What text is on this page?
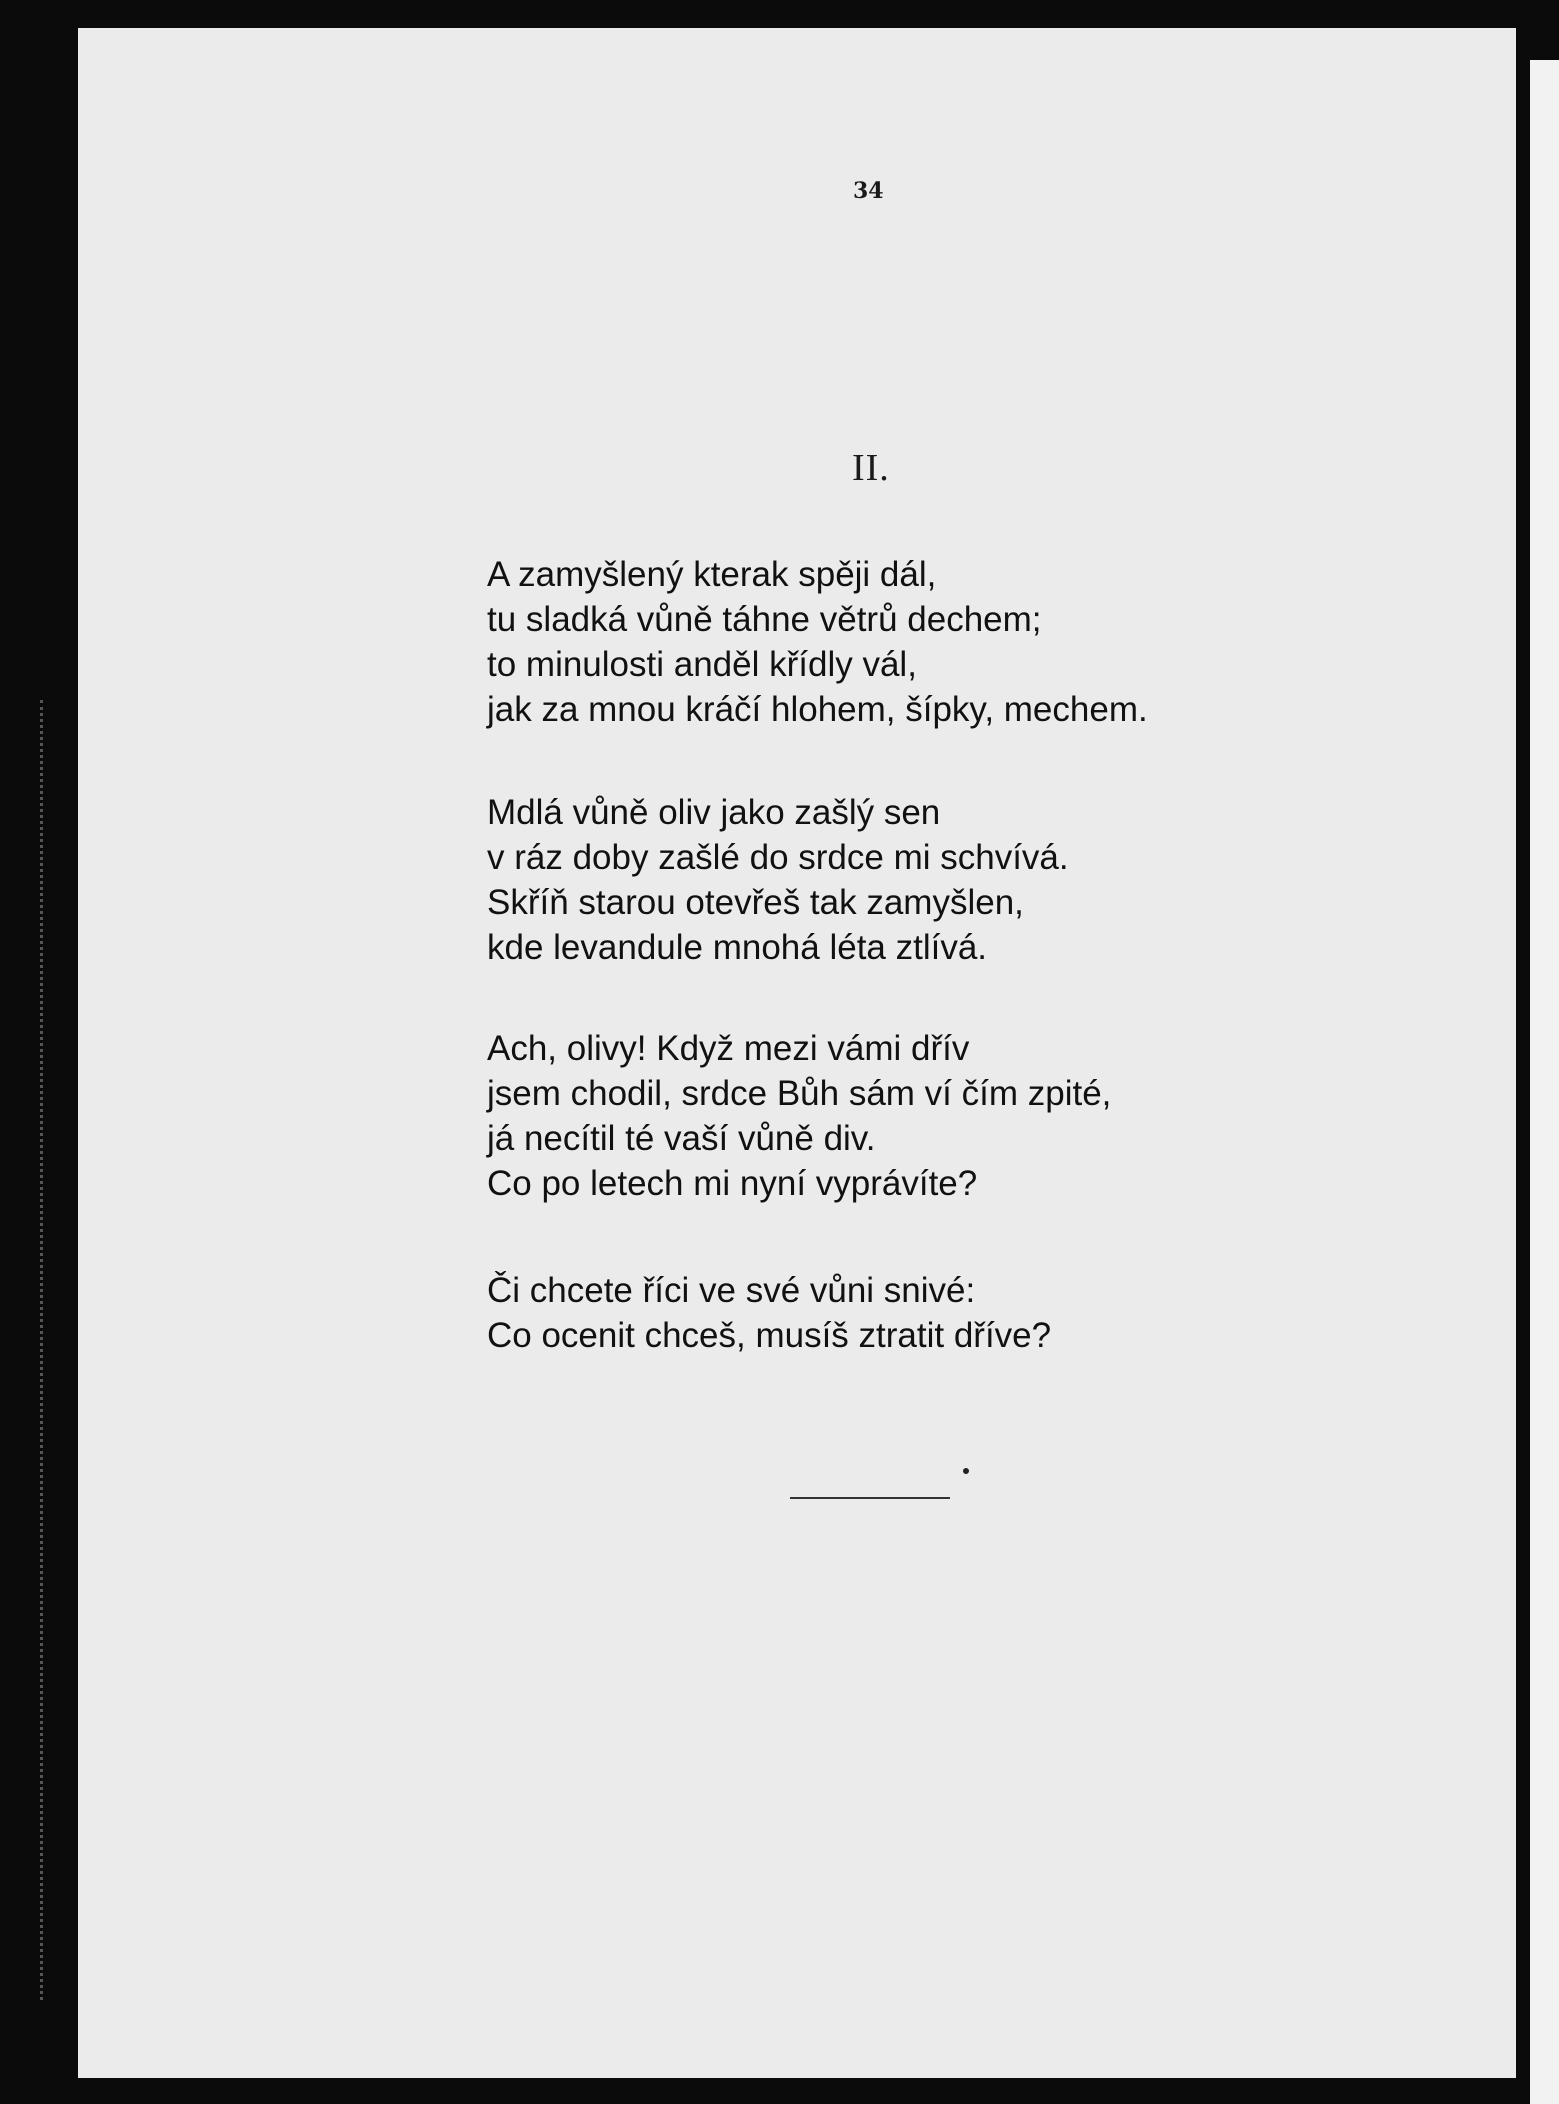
34
II.
A zamyšlený kterak spěji dál,
tu sladká vůně táhne větrů dechem;
to minulosti anděl křídly vál,
jak za mnou kráčí hlohem, šípky, mechem.
Mdlá vůně oliv jako zašlý sen
v ráz doby zašlé do srdce mi schvívá.
Skříň starou otevřeš tak zamyšlen,
kde levandule mnohá léta ztlívá.
Ach, olivy! Když mezi vámi dřív
jsem chodil, srdce Bůh sám ví čím zpité,
já necítil té vaší vůně div.
Co po letech mi nyní vyprávíte?
Či chcete říci ve své vůni snivé:
Co ocenit chceš, musíš ztratit dříve?
